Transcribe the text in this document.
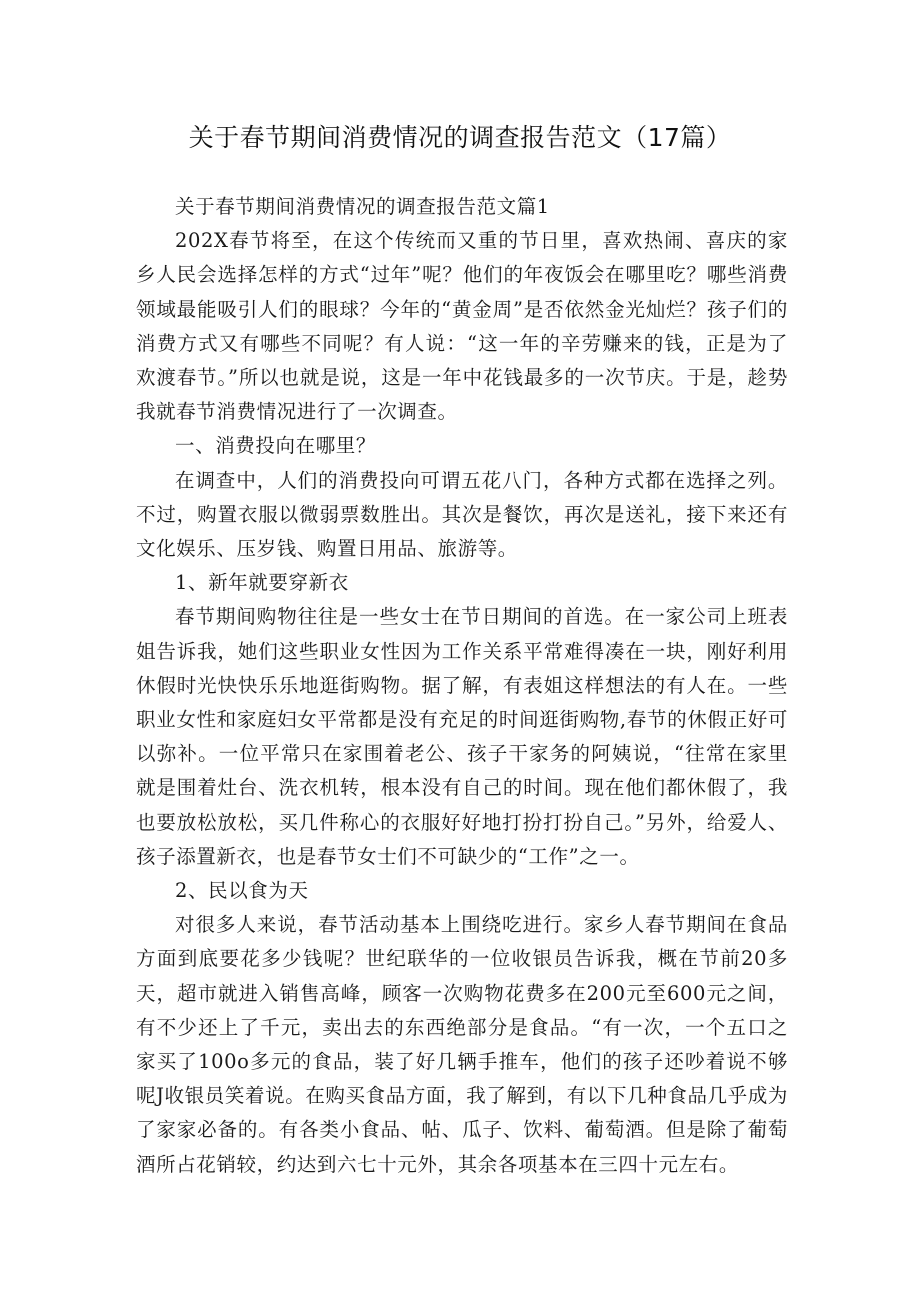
关于春节期间消费情况的调查报告范文（17篇）

关于春节期间消费情况的调查报告范文篇1

202X春节将至，在这个传统而又重的节日里，喜欢热闹、喜庆的家乡人民会选择怎样的方式“过年”呢？他们的年夜饭会在哪里吃？哪些消费领域最能吸引人们的眼球？今年的“黄金周”是否依然金光灿烂？孩子们的消费方式又有哪些不同呢？有人说：“这一年的辛劳赚来的钱，正是为了欢渡春节。”所以也就是说，这是一年中花钱最多的一次节庆。于是，趁势我就春节消费情况进行了一次调查。

一、消费投向在哪里？

在调查中，人们的消费投向可谓五花八门，各种方式都在选择之列。不过，购置衣服以微弱票数胜出。其次是餐饮，再次是送礼，接下来还有文化娱乐、压岁钱、购置日用品、旅游等。

1、新年就要穿新衣

春节期间购物往往是一些女士在节日期间的首选。在一家公司上班表姐告诉我，她们这些职业女性因为工作关系平常难得凑在一块，刚好利用休假时光快快乐乐地逛街购物。据了解，有表姐这样想法的有人在。一些职业女性和家庭妇女平常都是没有充足的时间逛街购物,春节的休假正好可以弥补。一位平常只在家围着老公、孩子干家务的阿姨说，“往常在家里就是围着灶台、洗衣机转，根本没有自己的时间。现在他们都休假了，我也要放松放松，买几件称心的衣服好好地打扮打扮自己。”另外，给爱人、孩子添置新衣，也是春节女士们不可缺少的“工作”之一。

2、民以食为天

对很多人来说，春节活动基本上围绕吃进行。家乡人春节期间在食品方面到底要花多少钱呢？世纪联华的一位收银员告诉我，概在节前20多天，超市就进入销售高峰，顾客一次购物花费多在200元至600元之间，有不少还上了千元，卖出去的东西绝部分是食品。“有一次，一个五口之家买了100o多元的食品，装了好几辆手推车，他们的孩子还吵着说不够呢J收银员笑着说。在购买食品方面，我了解到，有以下几种食品几乎成为了家家必备的。有各类小食品、帖、瓜子、饮料、葡萄酒。但是除了葡萄酒所占花销较，约达到六七十元外，其余各项基本在三四十元左右。
